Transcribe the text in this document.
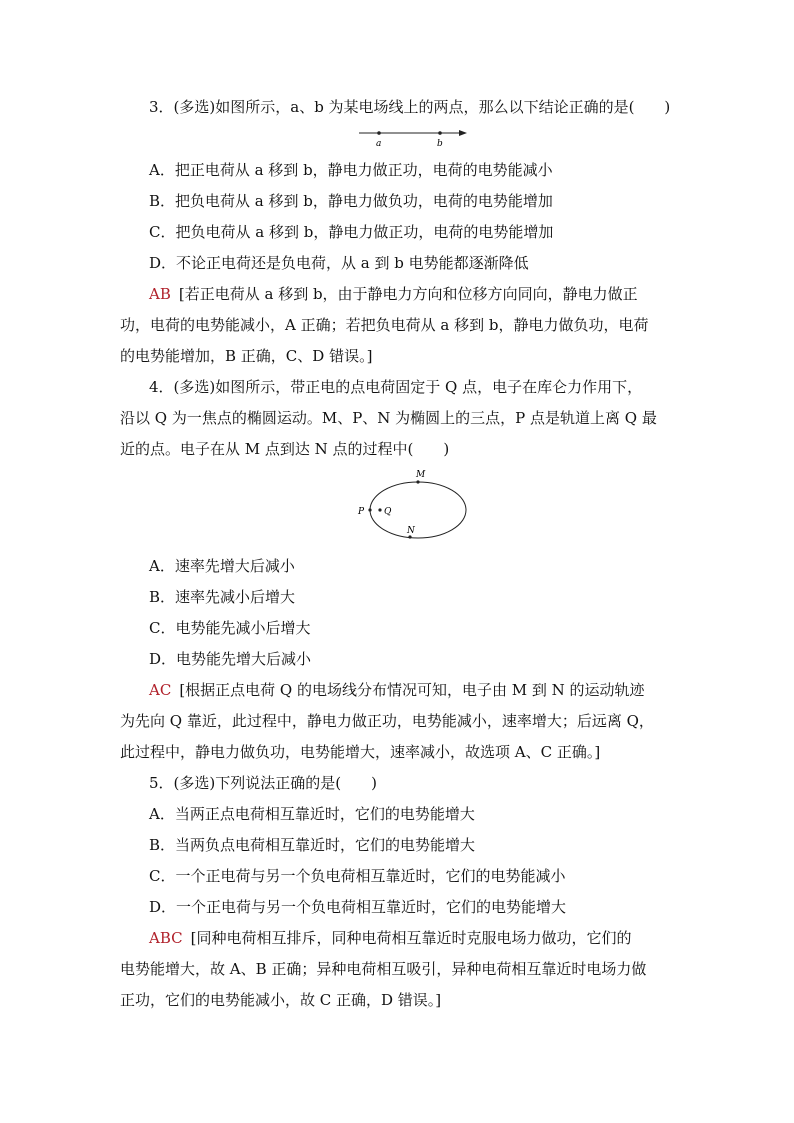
3．(多选)如图所示，a、b 为某电场线上的两点，那么以下结论正确的是(　　)
a	b
A．把正电荷从 a 移到 b，静电力做正功，电荷的电势能减小
B．把负电荷从 a 移到 b，静电力做负功，电荷的电势能增加
C．把负电荷从 a 移到 b，静电力做正功，电荷的电势能增加
D．不论正电荷还是负电荷，从 a 到 b 电势能都逐渐降低
AB [若正电荷从 a 移到 b，由于静电力方向和位移方向同向，静电力做正
功，电荷的电势能减小，A 正确；若把负电荷从 a 移到 b，静电力做负功，电荷
的电势能增加，B 正确，C、D 错误。]
4．(多选)如图所示，带正电的点电荷固定于 Q 点，电子在库仑力作用下，
沿以 Q 为一焦点的椭圆运动。M、P、N 为椭圆上的三点，P 点是轨道上离 Q 最
近的点。电子在从 M 点到达 N 点的过程中(　　)
M
P Q
N
A．速率先增大后减小
B．速率先减小后增大
C．电势能先减小后增大
D．电势能先增大后减小
AC [根据正点电荷 Q 的电场线分布情况可知，电子由 M 到 N 的运动轨迹
为先向 Q 靠近，此过程中，静电力做正功，电势能减小，速率增大；后远离 Q，
此过程中，静电力做负功，电势能增大，速率减小，故选项 A、C 正确。]
5．(多选)下列说法正确的是(　　)
A．当两正点电荷相互靠近时，它们的电势能增大
B．当两负点电荷相互靠近时，它们的电势能增大
C．一个正电荷与另一个负电荷相互靠近时，它们的电势能减小
D．一个正电荷与另一个负电荷相互靠近时，它们的电势能增大
ABC [同种电荷相互排斥，同种电荷相互靠近时克服电场力做功，它们的
电势能增大，故 A、B 正确；异种电荷相互吸引，异种电荷相互靠近时电场力做
正功，它们的电势能减小，故 C 正确，D 错误。]
